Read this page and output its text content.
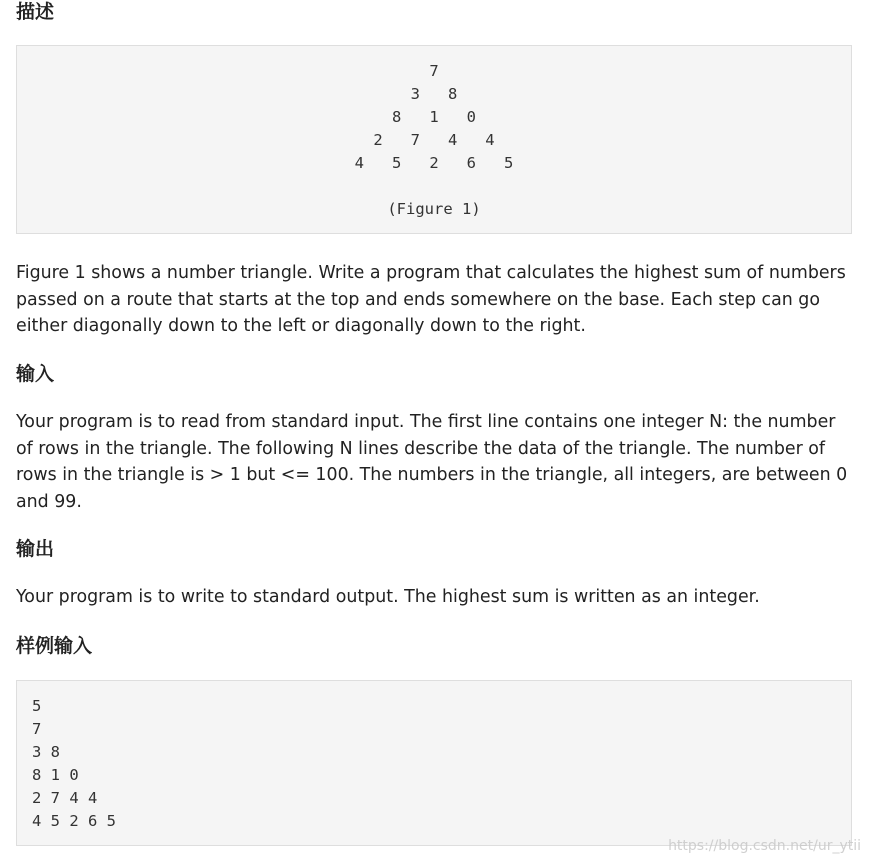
描述
7
3   8
8   1   0
2   7   4   4
4   5   2   6   5
(Figure 1)

Figure 1 shows a number triangle. Write a program that calculates the highest sum of numbers passed on a route that starts at the top and ends somewhere on the base. Each step can go either diagonally down to the left or diagonally down to the right.

输入

Your program is to read from standard input. The first line contains one integer N: the number of rows in the triangle. The following N lines describe the data of the triangle. The number of rows in the triangle is > 1 but <= 100. The numbers in the triangle, all integers, are between 0 and 99.

输出

Your program is to write to standard output. The highest sum is written as an integer.

样例输入
5
7
3 8
8 1 0
2 7 4 4
4 5 2 6 5
https://blog.csdn.net/ur_ytii
